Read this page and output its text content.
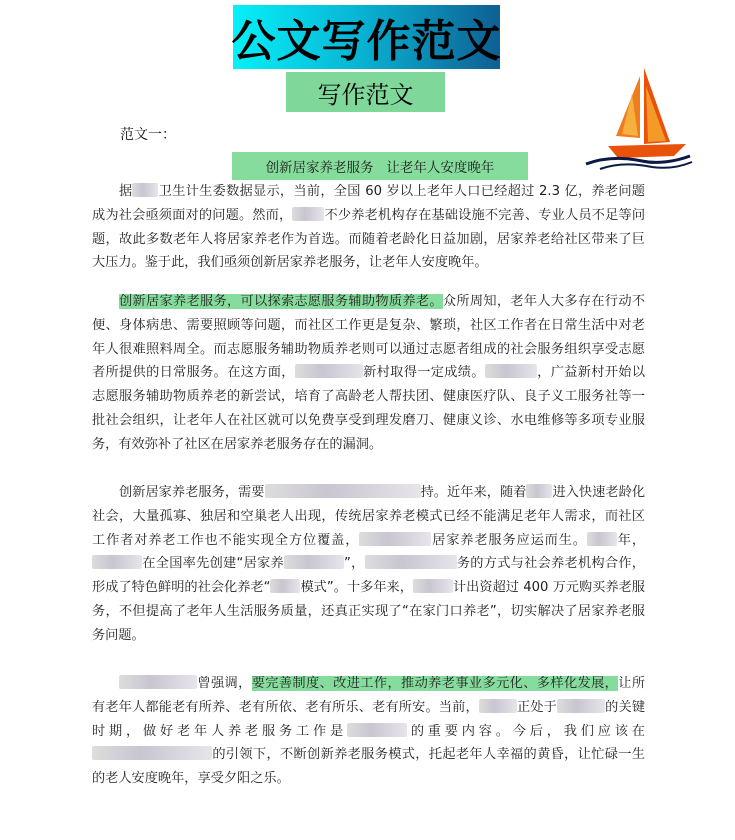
公文写作范文
写作范文
范文一：
创新居家养老服务   让老年人安度晚年
据 卫生计生委数据显示，当前，全国 60 岁以上老年人口已经超过 2.3 亿，养老问题成为社会亟须面对的问题。然而， 不少养老机构存在基础设施不完善、专业人员不足等问题，故此多数老年人将居家养老作为首选。而随着老龄化日益加剧，居家养老给社区带来了巨大压力。鉴于此，我们亟须创新居家养老服务，让老年人安度晚年。
创新居家养老服务，可以探索志愿服务辅助物质养老。众所周知，老年人大多存在行动不便、身体病患、需要照顾等问题，而社区工作更是复杂、繁琐，社区工作者在日常生活中对老年人很难照料周全。而志愿服务辅助物质养老则可以通过志愿者组成的社会服务组织享受志愿者所提供的日常服务。在这方面，	新村取得一定成绩。	，广益新村开始以志愿服务辅助物质养老的新尝试，培育了高龄老人帮扶团、健康医疗队、良子义工服务社等一批社会组织，让老年人在社区就可以免费享受到理发磨刀、健康义诊、水电维修等多项专业服务，有效弥补了社区在居家养老服务存在的漏洞。
创新居家养老服务，需要	持。近年来，随着 进入快速老龄化社会，大量孤寡、独居和空巢老人出现，传统居家养老模式已经不能满足老年人需求，而社区工作者对养老工作也不能实现全方位覆盖，	居家养老服务应运而生。 年，在全国率先创建“居家养	”，	务的方式与社会养老机构合作，形成了特色鲜明的社会化养老“ 模式”。十多年来，	计出资超过 400 万元购买养老服务，不但提高了老年人生活服务质量，还真正实现了“在家门口养老”，切实解决了居家养老服务问题。
曾强调，要完善制度、改进工作，推动养老事业多元化、多样化发展，让所有老年人都能老有所养、老有所依、老有所乐、老有所安。当前，	正处于	的关键时期，做好老年人养老服务工作是	的重要内容。今后，我们应该在的引领下，不断创新养老服务模式，托起老年人幸福的黄昏，让忙碌一生的老人安度晚年，享受夕阳之乐。
